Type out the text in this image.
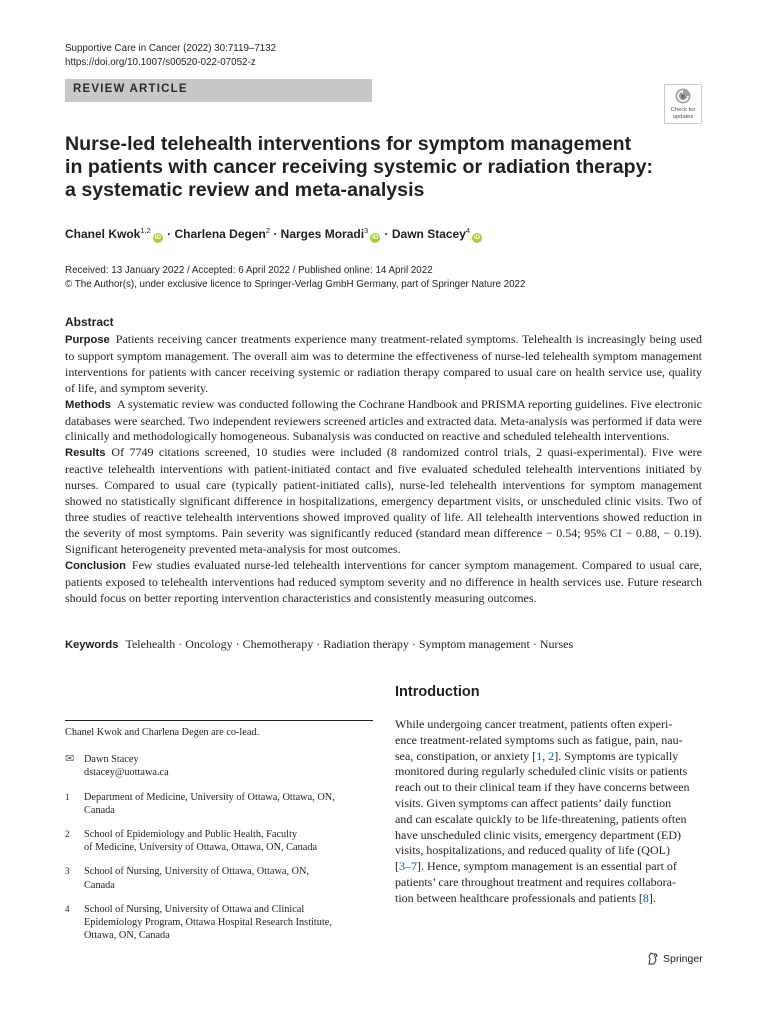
Supportive Care in Cancer (2022) 30:7119–7132
https://doi.org/10.1007/s00520-022-07052-z
REVIEW ARTICLE
Check for
updates
Nurse-led telehealth interventions for symptom management
in patients with cancer receiving systemic or radiation therapy:
a systematic review and meta-analysis
Chanel Kwok$^{1,2}$iD · Charlena Degen$^2$ · Narges Moradi$^3$iD · Dawn Stacey$^4$iD
Received: 13 January 2022 / Accepted: 6 April 2022 / Published online: 14 April 2022
© The Author(s), under exclusive licence to Springer-Verlag GmbH Germany, part of Springer Nature 2022
Abstract
Purpose Patients receiving cancer treatments experience many treatment-related symptoms. Telehealth is increasingly being used to support symptom management. The overall aim was to determine the effectiveness of nurse-led telehealth symptom management interventions for patients with cancer receiving systemic or radiation therapy compared to usual care on health service use, quality of life, and symptom severity.
Methods A systematic review was conducted following the Cochrane Handbook and PRISMA reporting guidelines. Five electronic databases were searched. Two independent reviewers screened articles and extracted data. Meta-analysis was performed if data were clinically and methodologically homogeneous. Subanalysis was conducted on reactive and scheduled telehealth interventions.
Results Of 7749 citations screened, 10 studies were included (8 randomized control trials, 2 quasi-experimental). Five were reactive telehealth interventions with patient-initiated contact and five evaluated scheduled telehealth interventions initiated by nurses. Compared to usual care (typically patient-initiated calls), nurse-led telehealth interventions for symptom management showed no statistically significant difference in hospitalizations, emergency department visits, or unscheduled clinic visits. Two of three studies of reactive telehealth interventions showed improved quality of life. All telehealth interventions showed reduction in the severity of most symptoms. Pain severity was significantly reduced (standard mean difference − 0.54; 95% CI − 0.88, − 0.19). Significant heterogeneity prevented meta-analysis for most outcomes.
Conclusion Few studies evaluated nurse-led telehealth interventions for cancer symptom management. Compared to usual care, patients exposed to telehealth interventions had reduced symptom severity and no difference in health services use. Future research should focus on better reporting intervention characteristics and consistently measuring outcomes.
Keywords Telehealth · Oncology · Chemotherapy · Radiation therapy · Symptom management · Nurses
Introduction
While undergoing cancer treatment, patients often experi-
ence treatment-related symptoms such as fatigue, pain, nau-
sea, constipation, or anxiety [1, 2]. Symptoms are typically
monitored during regularly scheduled clinic visits or patients
reach out to their clinical team if they have concerns between
visits. Given symptoms can affect patients’ daily function
and can escalate quickly to be life-threatening, patients often
have unscheduled clinic visits, emergency department (ED)
visits, hospitalizations, and reduced quality of life (QOL)
[3–7]. Hence, symptom management is an essential part of
patients’ care throughout treatment and requires collabora-
tion between healthcare professionals and patients [8].
Chanel Kwok and Charlena Degen are co-lead.
✉ Dawn Stacey
dstacey@uottawa.ca
1	Department of Medicine, University of Ottawa, Ottawa, ON,
Canada
2	School of Epidemiology and Public Health, Faculty
of Medicine, University of Ottawa, Ottawa, ON, Canada
3	School of Nursing, University of Ottawa, Ottawa, ON,
Canada
4	School of Nursing, University of Ottawa and Clinical
Epidemiology Program, Ottawa Hospital Research Institute,
Ottawa, ON, Canada
Springer
